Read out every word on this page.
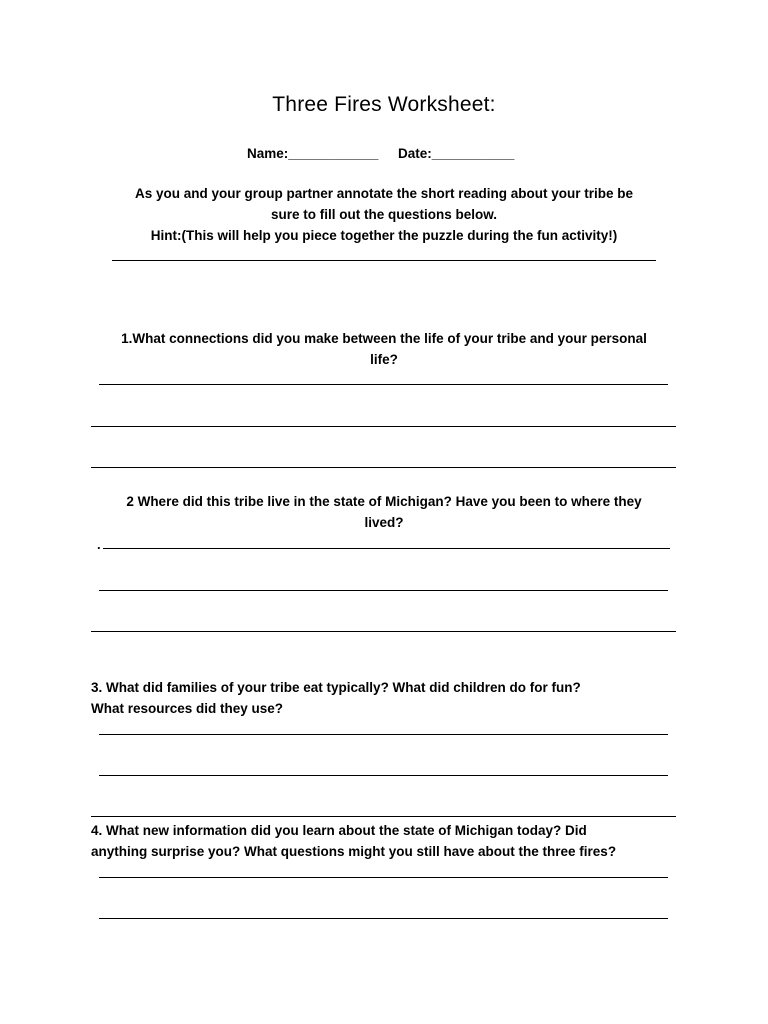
Three Fires Worksheet:
Name:____________ Date:___________
As you and your group partner annotate the short reading about your tribe be
sure to fill out the questions below.
Hint:(This will help you piece together the puzzle during the fun activity!)
1.What connections did you make between the life of your tribe and your personal
life?
2 Where did this tribe live in the state of Michigan? Have you been to where they
lived?
.
3. What did families of your tribe eat typically? What did children do for fun?
What resources did they use?
4. What new information did you learn about the state of Michigan today? Did
anything surprise you? What questions might you still have about the three fires?
